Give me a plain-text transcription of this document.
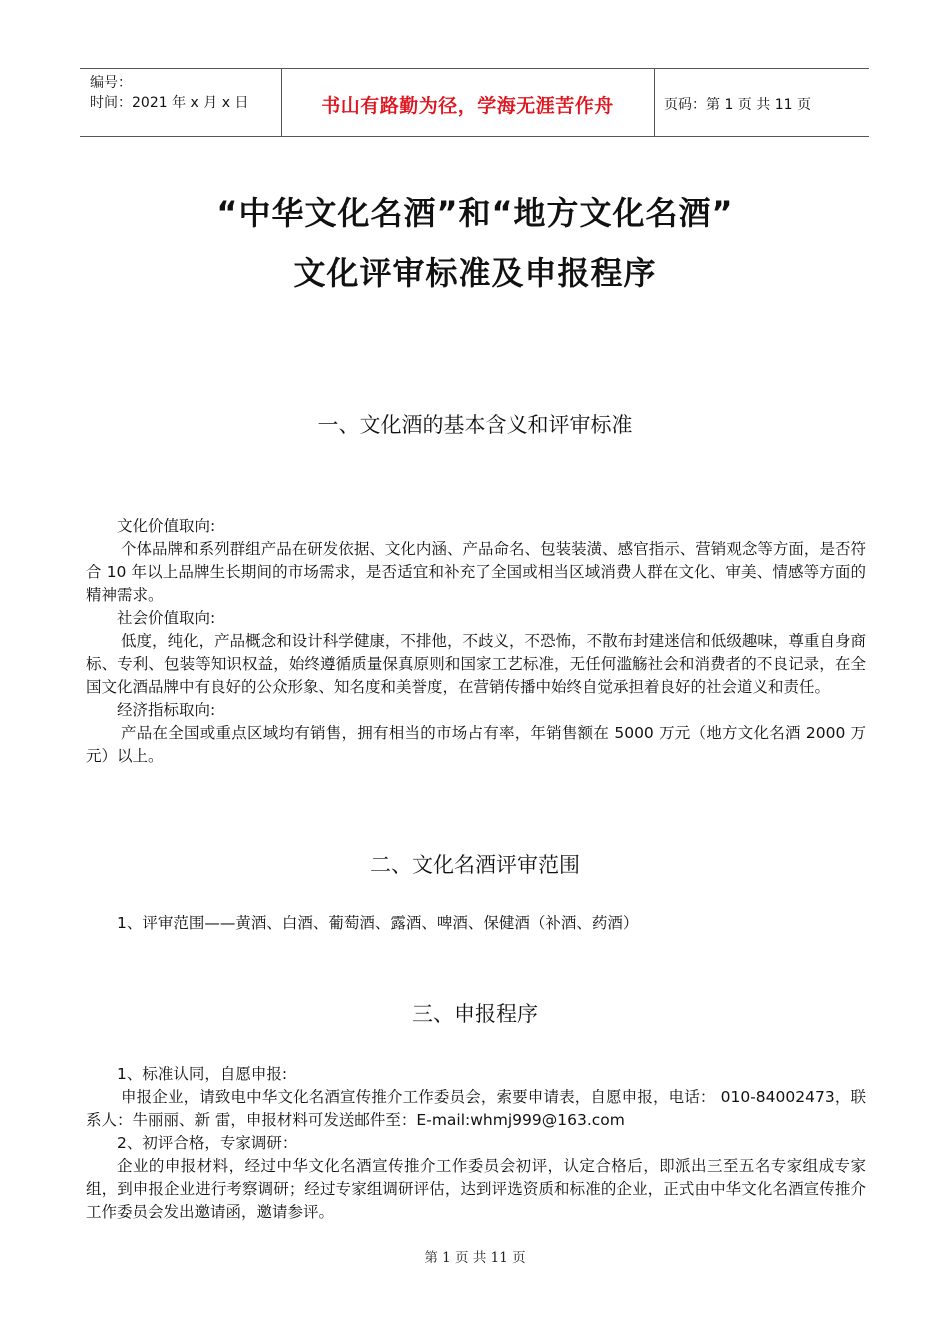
编号：
时间：2021 年 x 月 x 日	书山有路勤为径，学海无涯苦作舟	页码：第 1 页 共 11 页
“中华文化名酒”和“地方文化名酒”
文化评审标准及申报程序
一、文化酒的基本含义和评审标准
文化价值取向:
个体品牌和系列群组产品在研发依据、文化内涵、产品命名、包装装潢、感官指示、营销观念等方面，是否符合 10 年以上品牌生长期间的市场需求，是否适宜和补充了全国或相当区域消费人群在文化、审美、情感等方面的精神需求。
社会价值取向:
低度，纯化，产品概念和设计科学健康，不排他，不歧义，不恐怖，不散布封建迷信和低级趣味，尊重自身商标、专利、包装等知识权益，始终遵循质量保真原则和国家工艺标准，无任何滥觞社会和消费者的不良记录，在全国文化酒品牌中有良好的公众形象、知名度和美誉度，在营销传播中始终自觉承担着良好的社会道义和责任。
经济指标取向:
产品在全国或重点区域均有销售，拥有相当的市场占有率，年销售额在 5000 万元（地方文化名酒 2000 万元）以上。
二、文化名酒评审范围
1、评审范围——黄酒、白酒、葡萄酒、露酒、啤酒、保健酒（补酒、药酒）
三、申报程序
1、标准认同，自愿申报:
申报企业，请致电中华文化名酒宣传推介工作委员会，索要申请表，自愿申报，电话： 010-84002473，联系人：牛丽丽、新 雷，申报材料可发送邮件至：E-mail:whmj999@163.com
2、初评合格，专家调研：
企业的申报材料，经过中华文化名酒宣传推介工作委员会初评，认定合格后，即派出三至五名专家组成专家组，到申报企业进行考察调研；经过专家组调研评估，达到评选资质和标准的企业，正式由中华文化名酒宣传推介工作委员会发出邀请函，邀请参评。
第 1 页 共 11 页
